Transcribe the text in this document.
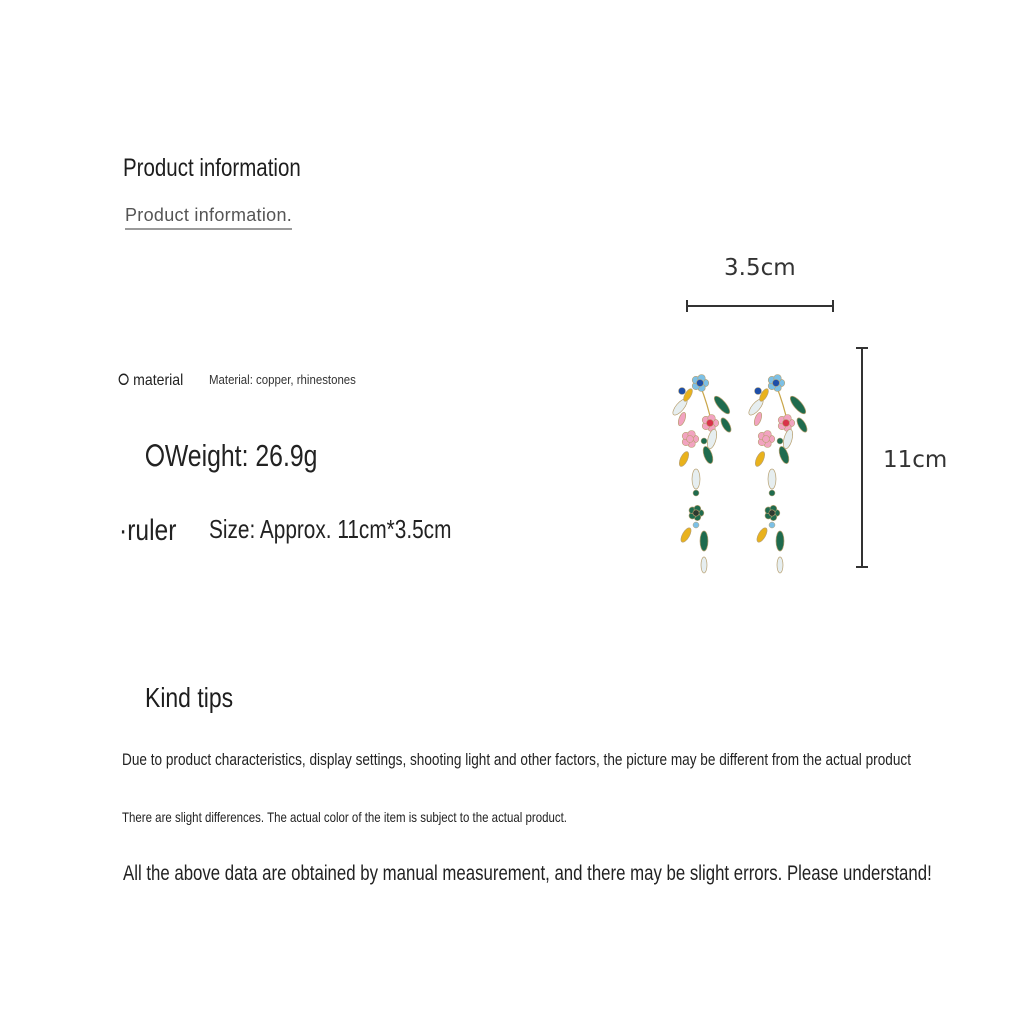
Product information
Product information.
⭘ material Material: copper, rhinestones
⭘Weight: 26.9g
·ruler Size: Approx. 11cm*3.5cm
3.5cm
11cm
Kind tips
Due to product characteristics, display settings, shooting light and other factors, the picture may be different from the actual product
There are slight differences. The actual color of the item is subject to the actual product.
All the above data are obtained by manual measurement, and there may be slight errors. Please understand!
